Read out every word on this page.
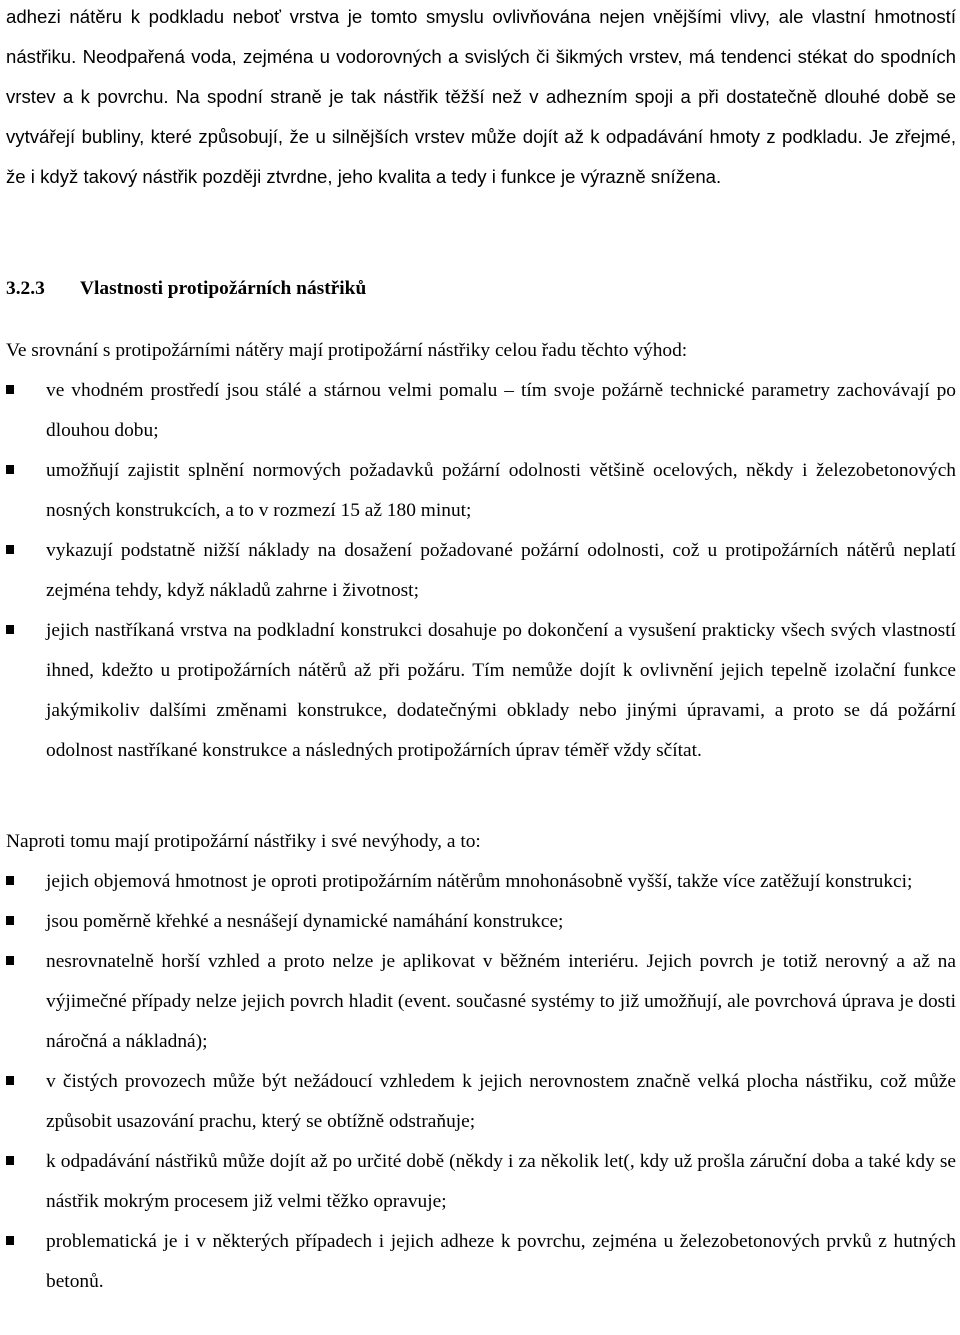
adhezi nátěru k podkladu neboť vrstva je tomto smyslu ovlivňována nejen vnějšími vlivy, ale vlastní hmotností nástřiku. Neodpařená voda, zejména u vodorovných a svislých či šikmých vrstev, má tendenci stékat do spodních vrstev a k povrchu. Na spodní straně je tak nástřik těžší než v adhezním spoji a při dostatečně dlouhé době se vytvářejí bubliny, které způsobují, že u silnějších vrstev může dojít až k odpadávání hmoty z podkladu. Je zřejmé, že i když takový nástřik později ztvrdne, jeho kvalita a tedy i funkce je výrazně snížena.

3.2.3 Vlastnosti protipožárních nástřiků

Ve srovnání s protipožárními nátěry mají protipožární nástřiky celou řadu těchto výhod:

ve vhodném prostředí jsou stálé a stárnou velmi pomalu – tím svoje požárně technické parametry zachovávají po dlouhou dobu;
umožňují zajistit splnění normových požadavků požární odolnosti většině ocelových, někdy i železobetonových nosných konstrukcích, a to v rozmezí 15 až 180 minut;
vykazují podstatně nižší náklady na dosažení požadované požární odolnosti, což u protipožárních nátěrů neplatí zejména tehdy, když nákladů zahrne i životnost;
jejich nastříkaná vrstva na podkladní konstrukci dosahuje po dokončení a vysušení prakticky všech svých vlastností ihned, kdežto u protipožárních nátěrů až při požáru. Tím nemůže dojít k ovlivnění jejich tepelně izolační funkce jakýmikoliv dalšími změnami konstrukce, dodatečnými obklady nebo jinými úpravami, a proto se dá požární odolnost nastříkané konstrukce a následných protipožárních úprav téměř vždy sčítat.

Naproti tomu mají protipožární nástřiky i své nevýhody, a to:

jejich objemová hmotnost je oproti protipožárním nátěrům mnohonásobně vyšší, takže více zatěžují konstrukci;
jsou poměrně křehké a nesnášejí dynamické namáhání konstrukce;
nesrovnatelně horší vzhled a proto nelze je aplikovat v běžném interiéru. Jejich povrch je totiž nerovný a až na výjimečné případy nelze jejich povrch hladit (event. současné systémy to již umožňují, ale povrchová úprava je dosti náročná a nákladná);
v čistých provozech může být nežádoucí vzhledem k jejich nerovnostem značně velká plocha nástřiku, což může způsobit usazování prachu, který se obtížně odstraňuje;
k odpadávání nástřiků může dojít až po určité době (někdy i za několik let(, kdy už prošla záruční doba a také kdy se nástřik mokrým procesem již velmi těžko opravuje;
problematická je i v některých případech i jejich adheze k povrchu, zejména u železobetonových prvků z hutných betonů.
